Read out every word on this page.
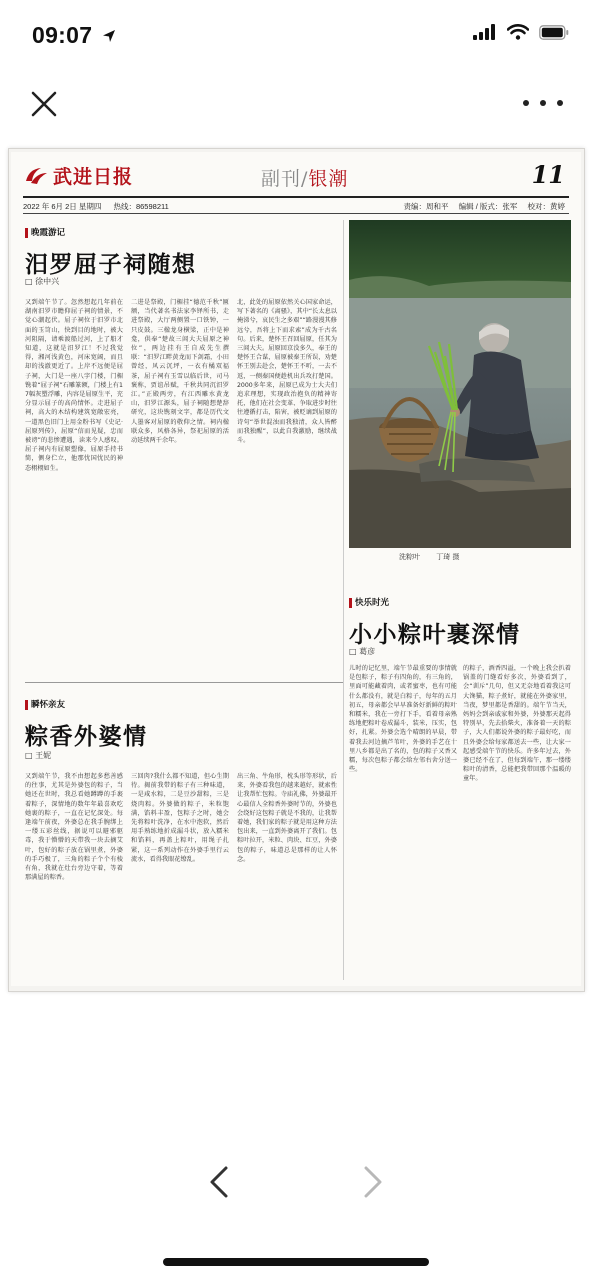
09:07
武进日报	副刊/银潮	11
2022 年 6月 2日 星期四 热线：86598211	责编：周和平 编辑 / 版式：张军 校对：黄婷
晚霞游记
汨罗屈子祠随想
□ 徐中兴
又到端午节了。忽然想起几年前在湖南汨罗市瞻仰屈子祠的情景，不觉心潮起伏。屈子祠位于汨罗市北面的玉笥山，快到目的地时，被大河阻隔，请乘渡船过河，上了船才知道，这就是汨罗江！不过我觉得，湘河浅黄色，河床宽阔，而且却的浅澈更近了。上岸不远便是屈子祠，大门是一座八字门楼，门楣镌着“屈子祠”石雕篆额，门楼上有17幅灰塑浮雕，内容是屈原生平，充分显示屈子的高尚情怀。走进屈子祠，高大的木结构建筑宽敞宏亮，一道黑色旧门上用金粉书写《史记·屈原列传》，屈原“信而见疑，忠而被谤”的悲惨遭遇，读来令人感叹。屈子祠内有屈原塑像，屈原手持书简，侧身伫立，他那忧国忧民的神态栩栩如生。
二进是祭殿，门楣挂“德范千秋”匾额，当代著名书法家李铎所书，走进祭殿，大厅两侧置一口铁钟，一只皮鼓。三楹龙身横梁，正中是神龛，供奉“楚故三闾大夫屈原之神位”，两边挂有王自成先生撰联：“汨罗江畔黄龙而下剑霜，小田曾经，风云沉坪，一衣有橘双福茶，屈子祠有玉雪以临后世，司马褒称，贾谊吊赋，千秋共同沉汨罗江。”正殿两旁，有江西雕水黄龙山，汨罗江源头，屈子祠随想楚辞研究，这块镌刻文字，都是历代文人墨客对屈原的敬仰之情。祠内楹联众多，风格各异，祭祀屈原的活动延续两千余年。
北，此处的屈原依然关心国家命运，写下著名的《离骚》，其中“长太息以掩涕兮，哀民生之多艰”“路漫漫其修远兮，吾将上下而求索”成为千古名句。后来，楚怀王召回屈原，任其为三闾大夫。屈原回京没多久，奉王的楚怀王合谋，屈原被秦王所误，劝楚怀王别去赴会，楚怀王不听，一去不返，一侧秦国便趁机出兵攻打楚国。2000多年来，屈原已成为士大夫们追求理想，实现政治抱负的精神寄托，他们在社会变革、争取进步时往往遵循打击，陷害，被贬谪到屈原的诗句“举世混浊而我独清，众人皆醉而我独醒”，以此自我激励，继续战斗。
洗粽叶 丁琦 摄
快乐时光
小小粽叶裹深情
□ 葛彦
儿时的记忆里，端午节最重要的事情就是包粽子，粽子有四角的，有三角的，里面可能藏着肉，或者蜜枣，也有可能什么都没有，就是白粽子，每年的五月初五，母亲都会早早准备好新鲜的粽叶和糯米，我在一旁打下手，看着母亲熟练地把粽叶卷成漏斗，装米，压实，包好，扎紧。外婆会选个晴朗的早晨，带着我去河边摘芦苇叶，外婆的手艺在十里八乡都是出了名的，包的粽子又香又糯，每次包粽子都会给左邻右舍分送一些。
的粽子，酒香四溢，一个晚上我会扒着锅盖的门缝看好多次，外婆看到了，会“训斥”几句，但又无奈地看着我这可大馋猫，粽子煮好，就能在外婆家里，当夜，梦里都是香甜的。端午节当天，妈妈会到亲戚家和外婆，外婆那天起得特别早，先去拾柴火，准备着一天的粽子，大人们都说外婆的粽子最好吃，而且外婆会给每家都送去一些，让大家一起感受端午节的快乐。许多年过去，外婆已经不在了，但每到端午，那一缕缕粽叶的清香，总能把我带回那个温暖的童年。
瞬怀亲友
粽香外婆情
□ 王妮
又到端午节，我不由想起多愁善感的往事，尤其是外婆包的粽子，当她还在世时，我总看她蹲蹲的手裹着粽子，深情地的数年年最喜欢吃她裹的粽子，一直在记忆深处。每逢端午前夜，外婆总在我手腕绑上一缕五彩丝线，据说可以避邪驱毒，我于懵懵的天带我一块去摘艾叶，包好的粽子放在锅里煮，外婆的手巧极了，三角的粽子个个有棱有角，我就在灶台旁边守着，等着那满屋的粽香。
三回肉?我什么都不知道，但心生期待。揭前我带的粽子有三种味道，一是咸水粽，二是豆沙甜粽，三是烧肉粽。外婆做的粽子，米粒饱满，馅料丰盈，包粽子之时，她会先将粽叶洗净，在水中泡软，然后用手熟练地折成漏斗状，放入糯米和馅料，再盖上粽叶，用绳子扎紧，这一系列动作在外婆手里行云流水，看得我眼花缭乱。
出三角、牛角形，枕头形等形状，后来，外婆看我包的越来越好，就索性让我帮忙包粽。寺庙礼佛，外婆最开心最信人全粽香外婆时节的，外婆也会绕好这包粽子就是不我的，让我帮着她，我们家的粽子就是用这种方法包出来，一直到外婆离开了我们。包粽叶拉开，米粒、肉块、红豆，外婆包的粽子，味道总是那样的让人怀念。
